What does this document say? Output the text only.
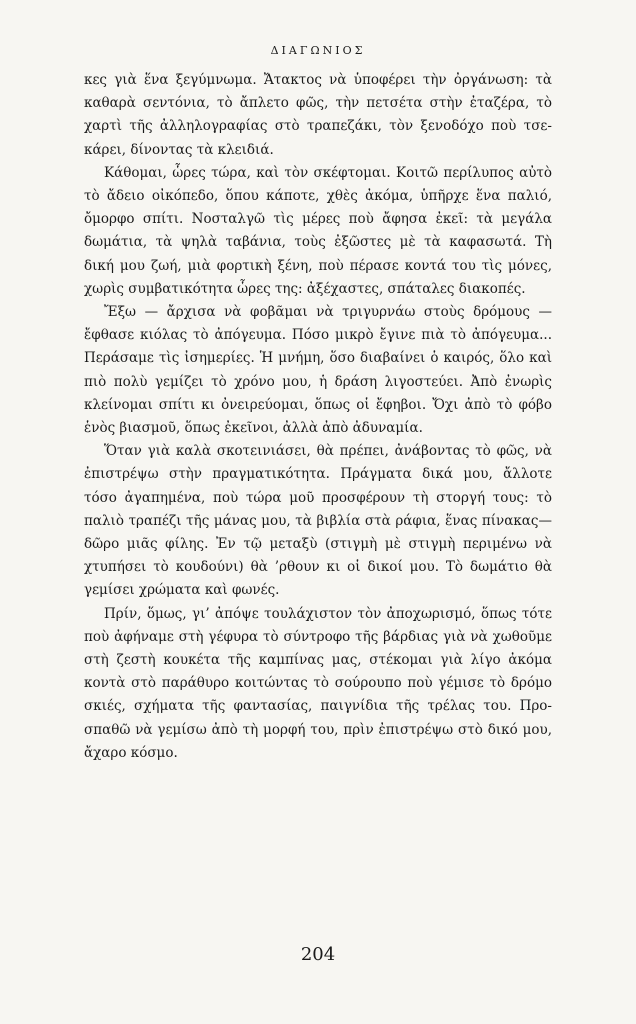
ΔΙΑΓΩΝΙΟΣ
κες γιὰ ἕνα ξεγύμνωμα. Ἄτακτος νὰ ὑποφέρει τὴν ὀργάνωση: τὰ
καθαρὰ σεντόνια, τὸ ἄπλετο φῶς, τὴν πετσέτα στὴν ἐταζέρα, τὸ
χαρτὶ τῆς ἀλληλογραφίας στὸ τραπεζάκι, τὸν ξενοδόχο ποὺ τσε-
κάρει, δίνοντας τὰ κλειδιά.
Κάθομαι, ὧρες τώρα, καὶ τὸν σκέφτομαι. Κοιτῶ περίλυπος αὐτὸ
τὸ ἄδειο οἰκόπεδο, ὅπου κάποτε, χθὲς ἀκόμα, ὑπῆρχε ἕνα παλιό,
ὄμορφο σπίτι. Νοσταλγῶ τὶς μέρες ποὺ ἄφησα ἐκεῖ: τὰ μεγάλα
δωμάτια, τὰ ψηλὰ ταβάνια, τοὺς ἐξῶστες μὲ τὰ καφασωτά. Τὴ
δική μου ζωή, μιὰ φορτικὴ ξένη, ποὺ πέρασε κοντά του τὶς μόνες,
χωρὶς συμβατικότητα ὧρες της: ἀξέχαστες, σπάταλες διακοπές.
Ἔξω — ἄρχισα νὰ φοβᾶμαι νὰ τριγυρνάω στοὺς δρόμους —
ἔφθασε κιόλας τὸ ἀπόγευμα. Πόσο μικρὸ ἔγινε πιὰ τὸ ἀπόγευμα...
Περάσαμε τὶς ἰσημερίες. Ἡ μνήμη, ὅσο διαβαίνει ὁ καιρός, ὅλο καὶ
πιὸ πολὺ γεμίζει τὸ χρόνο μου, ἡ δράση λιγοστεύει. Ἀπὸ ἐνωρὶς
κλείνομαι σπίτι κι ὀνειρεύομαι, ὅπως οἱ ἔφηβοι. Ὄχι ἀπὸ τὸ φόβο
ἑνὸς βιασμοῦ, ὅπως ἐκεῖνοι, ἀλλὰ ἀπὸ ἀδυναμία.
Ὅταν γιὰ καλὰ σκοτεινιάσει, θὰ πρέπει, ἀνάβοντας τὸ φῶς, νὰ
ἐπιστρέψω στὴν πραγματικότητα. Πράγματα δικά μου, ἄλλοτε
τόσο ἀγαπημένα, ποὺ τώρα μοῦ προσφέρουν τὴ στοργή τους: τὸ
παλιὸ τραπέζι τῆς μάνας μου, τὰ βιβλία στὰ ράφια, ἕνας πίνακας—
δῶρο μιᾶς φίλης. Ἐν τῷ μεταξὺ (στιγμὴ μὲ στιγμὴ περιμένω νὰ
χτυπήσει τὸ κουδούνι) θὰ ’ρθουν κι οἱ δικοί μου. Τὸ δωμάτιο θὰ
γεμίσει χρώματα καὶ φωνές.
Πρίν, ὅμως, γι’ ἀπόψε τουλάχιστον τὸν ἀποχωρισμό, ὅπως τότε
ποὺ ἀφήναμε στὴ γέφυρα τὸ σύντροφο τῆς βάρδιας γιὰ νὰ χωθοῦμε
στὴ ζεστὴ κουκέτα τῆς καμπίνας μας, στέκομαι γιὰ λίγο ἀκόμα
κοντὰ στὸ παράθυρο κοιτώντας τὸ σούρουπο ποὺ γέμισε τὸ δρόμο
σκιές, σχήματα τῆς φαντασίας, παιγνίδια τῆς τρέλας του. Προ-
σπαθῶ νὰ γεμίσω ἀπὸ τὴ μορφή του, πρὶν ἐπιστρέψω στὸ δικό μου,
ἄχαρο κόσμο.
204
